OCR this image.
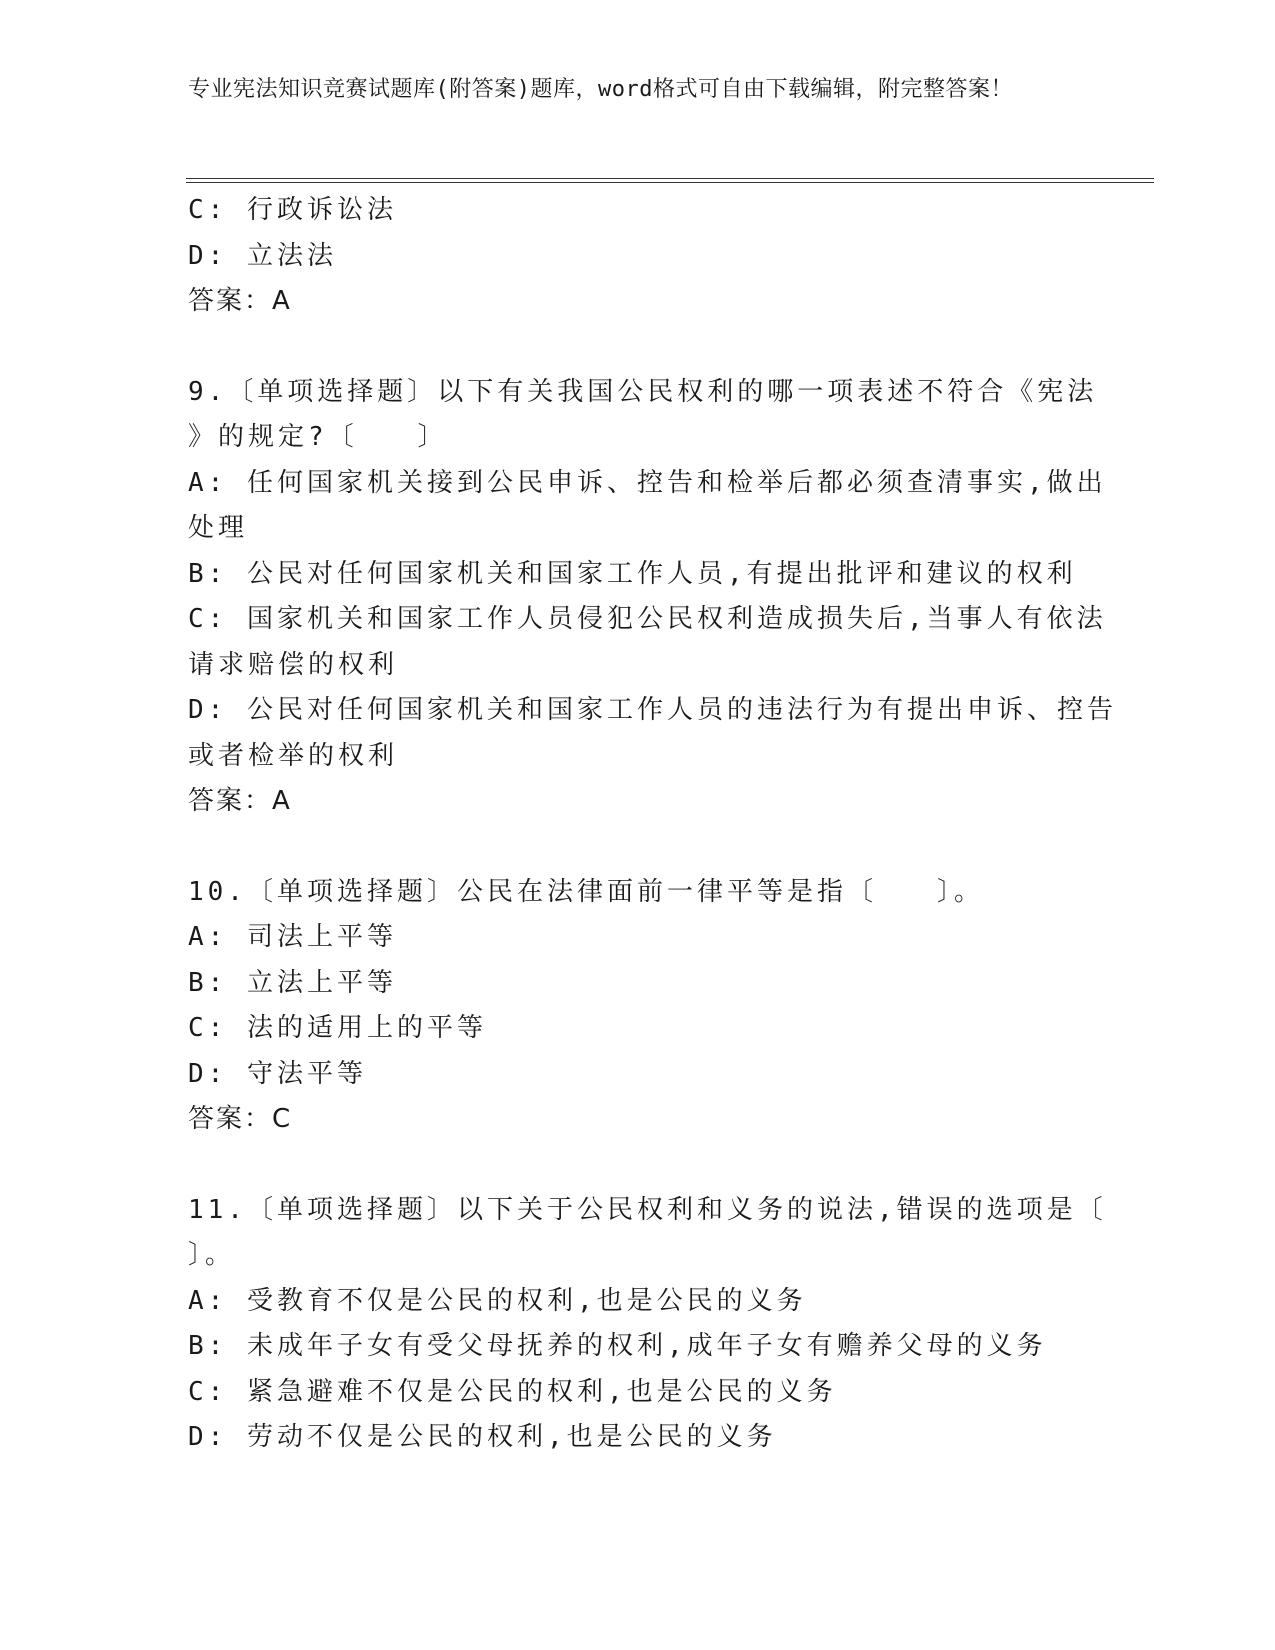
专业宪法知识竞赛试题库(附答案)题库，word格式可自由下载编辑，附完整答案！
C: 行政诉讼法
D: 立法法
答案：A
9.〔单项选择题〕以下有关我国公民权利的哪一项表述不符合《宪法
》的规定?〔　　〕
A: 任何国家机关接到公民申诉、控告和检举后都必须查清事实,做出
处理
B: 公民对任何国家机关和国家工作人员,有提出批评和建议的权利
C: 国家机关和国家工作人员侵犯公民权利造成损失后,当事人有依法
请求赔偿的权利
D: 公民对任何国家机关和国家工作人员的违法行为有提出申诉、控告
或者检举的权利
答案：A
10.〔单项选择题〕公民在法律面前一律平等是指〔　　〕。
A: 司法上平等
B: 立法上平等
C: 法的适用上的平等
D: 守法平等
答案：C
11.〔单项选择题〕以下关于公民权利和义务的说法,错误的选项是〔
〕。
A: 受教育不仅是公民的权利,也是公民的义务
B: 未成年子女有受父母抚养的权利,成年子女有赡养父母的义务
C: 紧急避难不仅是公民的权利,也是公民的义务
D: 劳动不仅是公民的权利,也是公民的义务
